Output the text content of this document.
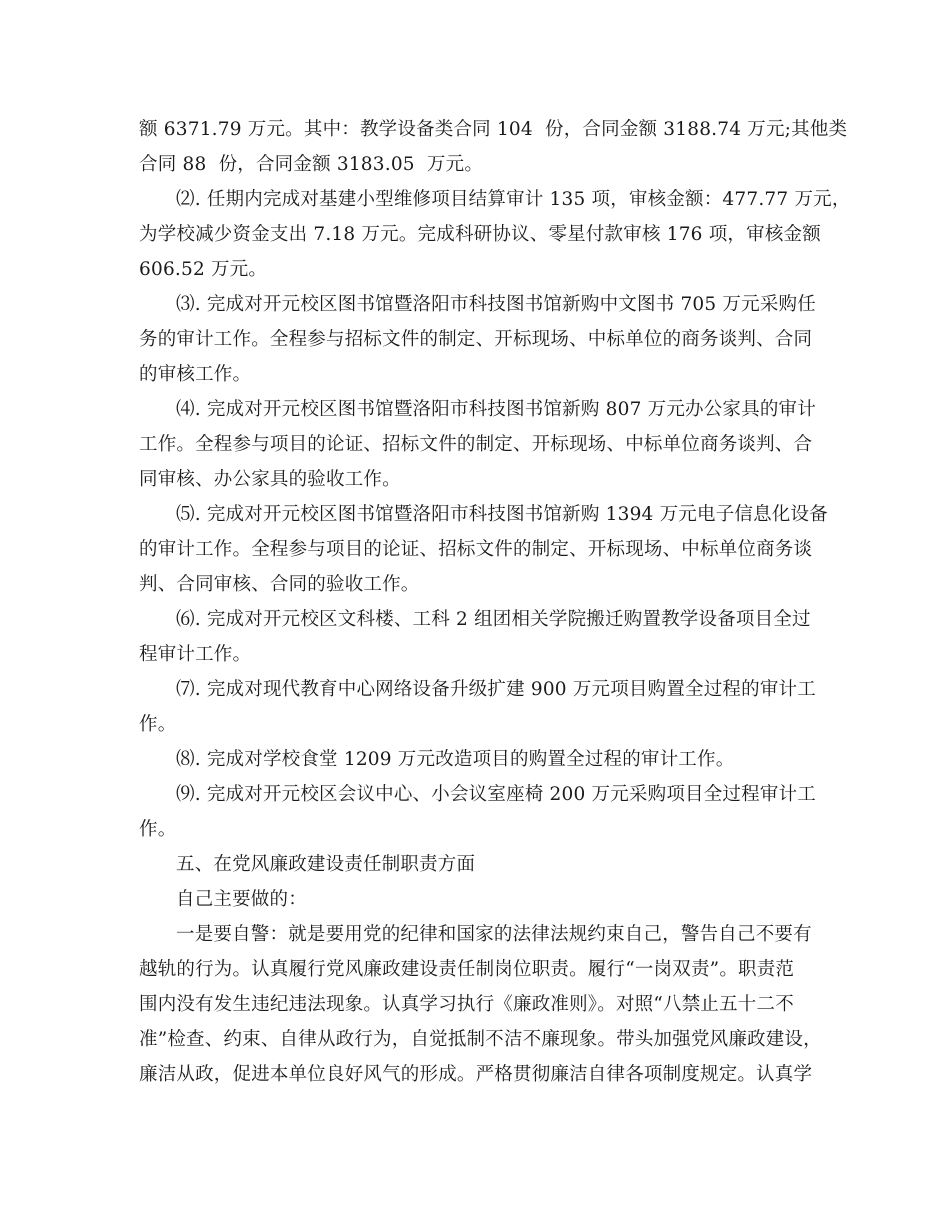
额 6371.79 万元。其中：教学设备类合同 104  份，合同金额 3188.74 万元;其他类
合同 88  份，合同金额 3183.05  万元。
⑵. 任期内完成对基建小型维修项目结算审计 135 项，审核金额：477.77 万元，
为学校减少资金支出 7.18 万元。完成科研协议、零星付款审核 176 项，审核金额
606.52 万元。
⑶. 完成对开元校区图书馆暨洛阳市科技图书馆新购中文图书 705 万元采购任
务的审计工作。全程参与招标文件的制定、开标现场、中标单位的商务谈判、合同
的审核工作。
⑷. 完成对开元校区图书馆暨洛阳市科技图书馆新购 807 万元办公家具的审计
工作。全程参与项目的论证、招标文件的制定、开标现场、中标单位商务谈判、合
同审核、办公家具的验收工作。
⑸. 完成对开元校区图书馆暨洛阳市科技图书馆新购 1394 万元电子信息化设备
的审计工作。全程参与项目的论证、招标文件的制定、开标现场、中标单位商务谈
判、合同审核、合同的验收工作。
⑹. 完成对开元校区文科楼、工科 2 组团相关学院搬迁购置教学设备项目全过
程审计工作。
⑺. 完成对现代教育中心网络设备升级扩建 900 万元项目购置全过程的审计工
作。
⑻. 完成对学校食堂 1209 万元改造项目的购置全过程的审计工作。
⑼. 完成对开元校区会议中心、小会议室座椅 200 万元采购项目全过程审计工
作。
五、在党风廉政建设责任制职责方面
自己主要做的：
一是要自警：就是要用党的纪律和国家的法律法规约束自己，警告自己不要有
越轨的行为。认真履行党风廉政建设责任制岗位职责。履行“一岗双责”。职责范
围内没有发生违纪违法现象。认真学习执行《廉政准则》。对照“八禁止五十二不
准”检查、约束、自律从政行为，自觉抵制不洁不廉现象。带头加强党风廉政建设，
廉洁从政，促进本单位良好风气的形成。严格贯彻廉洁自律各项制度规定。认真学
